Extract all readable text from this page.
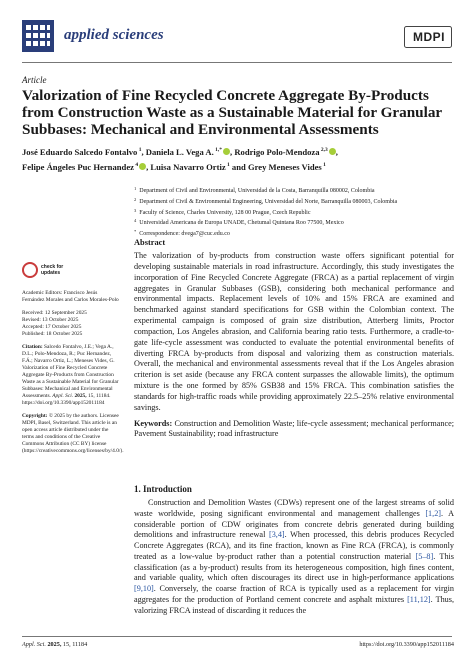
applied sciences	MDPI
Article
Valorization of Fine Recycled Concrete Aggregate By-Products from Construction Waste as a Sustainable Material for Granular Subbases: Mechanical and Environmental Assessments
José Eduardo Salcedo Fontalvo $^1$, Daniela L. Vega A. $^{1,*}$ , Rodrigo Polo-Mendoza $^{2,3}$ ,
Felipe Ángeles Puc Hernandez $^4$ , Luisa Navarro Ortiz $^1$ and Grey Meneses Vides $^1$
$^1$ Department of Civil and Environmental, Universidad de la Costa, Barranquilla 080002, Colombia
$^2$ Department of Civil & Environmental Engineering, Universidad del Norte, Barranquilla 080003, Colombia
$^3$ Faculty of Science, Charles University, 128 00 Prague, Czech Republic
$^4$ Universidad Americana de Europa UNADE, Chetumal Quintana Roo 77500, Mexico
* Correspondence: dvega7@cuc.edu.co
check for updates
Academic Editors: Francisco Jesús Fernández Morales and Carlos Morales-Polo
Received: 12 September 2025
Revised: 13 October 2025
Accepted: 17 October 2025
Published: 18 October 2025
Citation: Salcedo Fontalvo, J.E.; Vega A., D.L.; Polo-Mendoza, R.; Puc Hernandez, F.Á.; Navarro Ortiz, L.; Meneses Vides, G. Valorization of Fine Recycled Concrete Aggregate By-Products from Construction Waste as a Sustainable Material for Granular Subbases: Mechanical and Environmental Assessments. Appl. Sci. 2025, 15, 11184. https://doi.org/10.3390/app152011184
Copyright: © 2025 by the authors. Licensee MDPI, Basel, Switzerland. This article is an open access article distributed under the terms and conditions of the Creative Commons Attribution (CC BY) license (https://creativecommons.org/licenses/by/4.0/).
Abstract

The valorization of by-products from construction waste offers significant potential for developing sustainable materials in road infrastructure. Accordingly, this study investigates the incorporation of Fine Recycled Concrete Aggregate (FRCA) as a partial replacement of virgin aggregates in Granular Subbases (GSB), considering both mechanical performance and environmental impacts. Replacement levels of 10% and 15% FRCA are examined and benchmarked against standard specifications for GSB within the Colombian context. The experimental campaign is composed of grain size distribution, Atterberg limits, Proctor compaction, Los Angeles abrasion, and California bearing ratio tests. Furthermore, a cradle-to-gate life-cycle assessment was conducted to evaluate the potential environmental benefits of diverting FRCA by-products from disposal and valorizing them as construction materials. Overall, the mechanical and environmental assessments reveal that if the Los Angeles abrasion criterion is set aside (because any FRCA content surpasses the allowable limits), the optimum mixture is the one formed by 85% GSB38 and 15% FRCA. This combination satisfies the standards for high-traffic roads while providing approximately 22.5–25% relative environmental savings.

Keywords: Construction and Demolition Waste; life-cycle assessment; mechanical performance; Pavement Sustainability; road infrastructure

1. Introduction

Construction and Demolition Wastes (CDWs) represent one of the largest streams of solid waste worldwide, posing significant environmental and management challenges [1,2]. A considerable portion of CDW originates from concrete debris generated during building demolitions and infrastructure renewal [3,4]. When processed, this debris produces Recycled Concrete Aggregates (RCA), and its fine fraction, known as Fine RCA (FRCA), is commonly treated as a low-value by-product rather than a potential construction material [5–8]. This classification (as a by-product) results from its heterogeneous composition, high fines content, and variable quality, which often discourages its direct use in high-performance applications [9,10]. Conversely, the coarse fraction of RCA is typically used as a replacement for virgin aggregates for the production of Portland cement concrete and asphalt mixtures [11,12]. Thus, valorizing FRCA instead of discarding it reduces the

Appl. Sci. 2025, 15, 11184	https://doi.org/10.3390/app152011184
